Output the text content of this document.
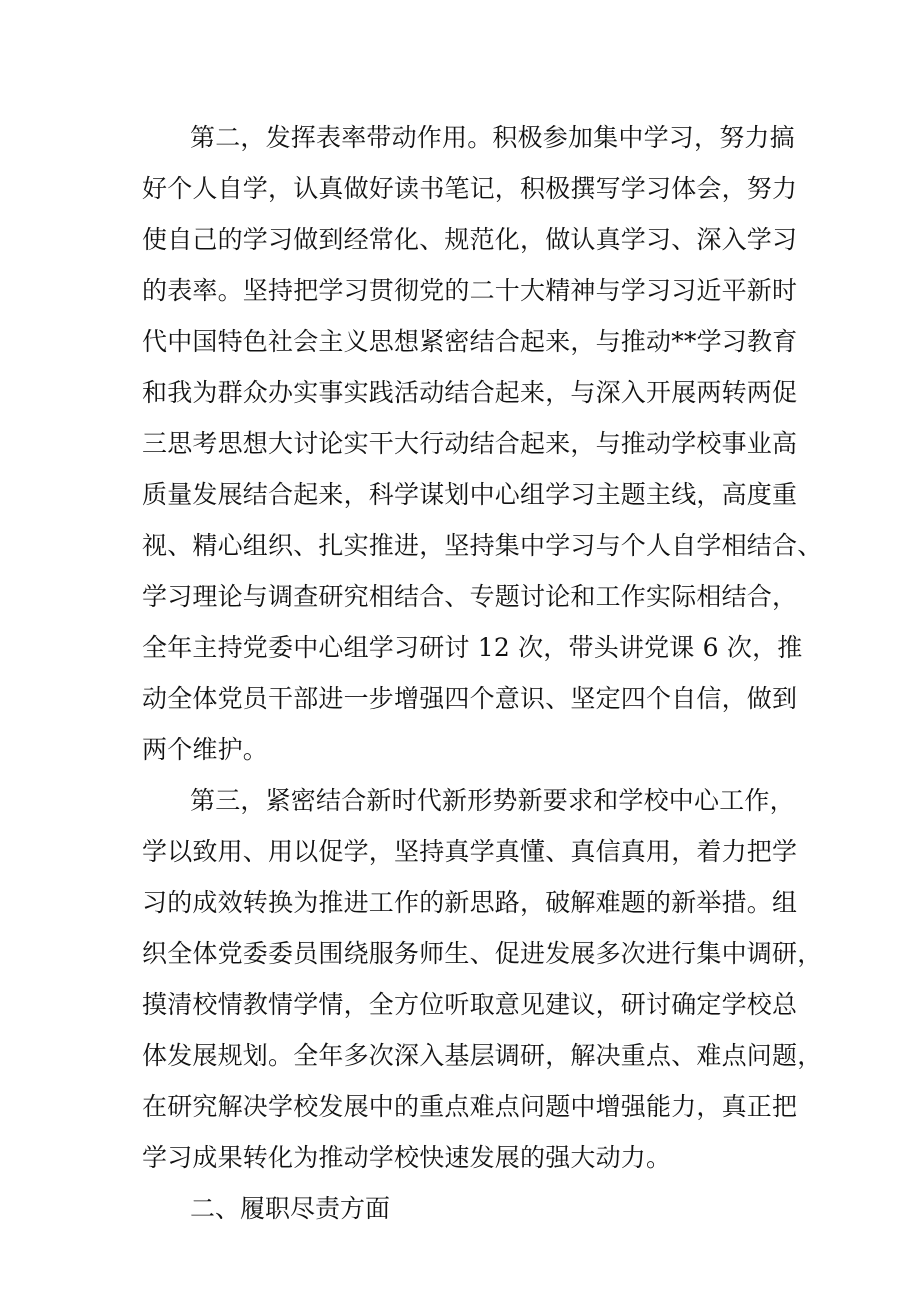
第二，发挥表率带动作用。积极参加集中学习，努力搞
好个人自学，认真做好读书笔记，积极撰写学习体会，努力
使自己的学习做到经常化、规范化，做认真学习、深入学习
的表率。坚持把学习贯彻党的二十大精神与学习习近平新时
代中国特色社会主义思想紧密结合起来，与推动**学习教育
和我为群众办实事实践活动结合起来，与深入开展两转两促
三思考思想大讨论实干大行动结合起来，与推动学校事业高
质量发展结合起来，科学谋划中心组学习主题主线，高度重
视、精心组织、扎实推进，坚持集中学习与个人自学相结合、
学习理论与调查研究相结合、专题讨论和工作实际相结合，
全年主持党委中心组学习研讨 12 次，带头讲党课 6 次，推
动全体党员干部进一步增强四个意识、坚定四个自信，做到
两个维护。
第三，紧密结合新时代新形势新要求和学校中心工作，
学以致用、用以促学，坚持真学真懂、真信真用，着力把学
习的成效转换为推进工作的新思路，破解难题的新举措。组
织全体党委委员围绕服务师生、促进发展多次进行集中调研，
摸清校情教情学情，全方位听取意见建议，研讨确定学校总
体发展规划。全年多次深入基层调研，解决重点、难点问题，
在研究解决学校发展中的重点难点问题中增强能力，真正把
学习成果转化为推动学校快速发展的强大动力。
二、履职尽责方面
